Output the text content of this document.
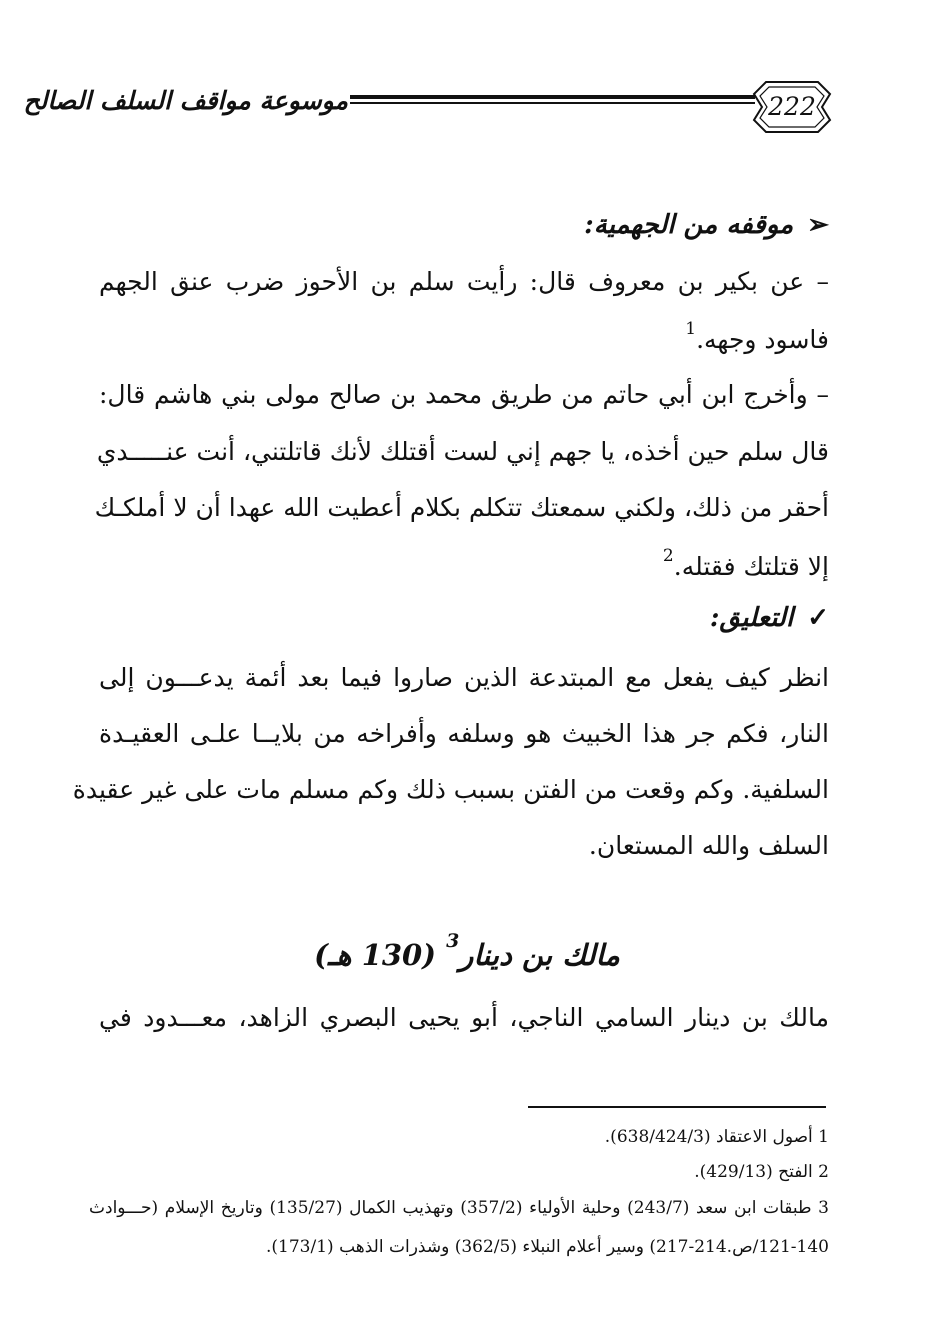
موسوعة مواقف السلف الصالح	222
➢موقفه من الجهمية:
– عن بكير بن معروف قال: رأيت سلم بن الأحوز ضرب عنق الجهم
فاسود وجهه.$^1$
– وأخرج ابن أبي حاتم من طريق محمد بن صالح مولى بني هاشم قال:
قال سلم حين أخذه، يا جهم إني لست أقتلك لأنك قاتلتني، أنت عنـــــدي
أحقر من ذلك، ولكني سمعتك تتكلم بكلام أعطيت الله عهدا أن لا أملكـك
إلا قتلتك فقتله.$^2$
✓التعليق:
انظر كيف يفعل مع المبتدعة الذين صاروا فيما بعد أئمة يدعـــون إلى
النار، فكم جر هذا الخبيث هو وسلفه وأفراخه من بلايــا علـى العقيـدة
السلفية. وكم وقعت من الفتن بسبب ذلك وكم مسلم مات على غير عقيدة
السلف والله المستعان.
مالك بن دينار$^3$ (130 هـ)
مالك بن دينار السامي الناجي، أبو يحيى البصري الزاهد، معـــدود في
1 أصول الاعتقاد (638/424/3).
2 الفتح (429/13).
3 طبقات ابن سعد (243/7) وحلية الأولياء (357/2) وتهذيب الكمال (135/27) وتاريخ الإسلام (حـــوادث
121-140/ص.214-217) وسير أعلام النبلاء (362/5) وشذرات الذهب (173/1).
